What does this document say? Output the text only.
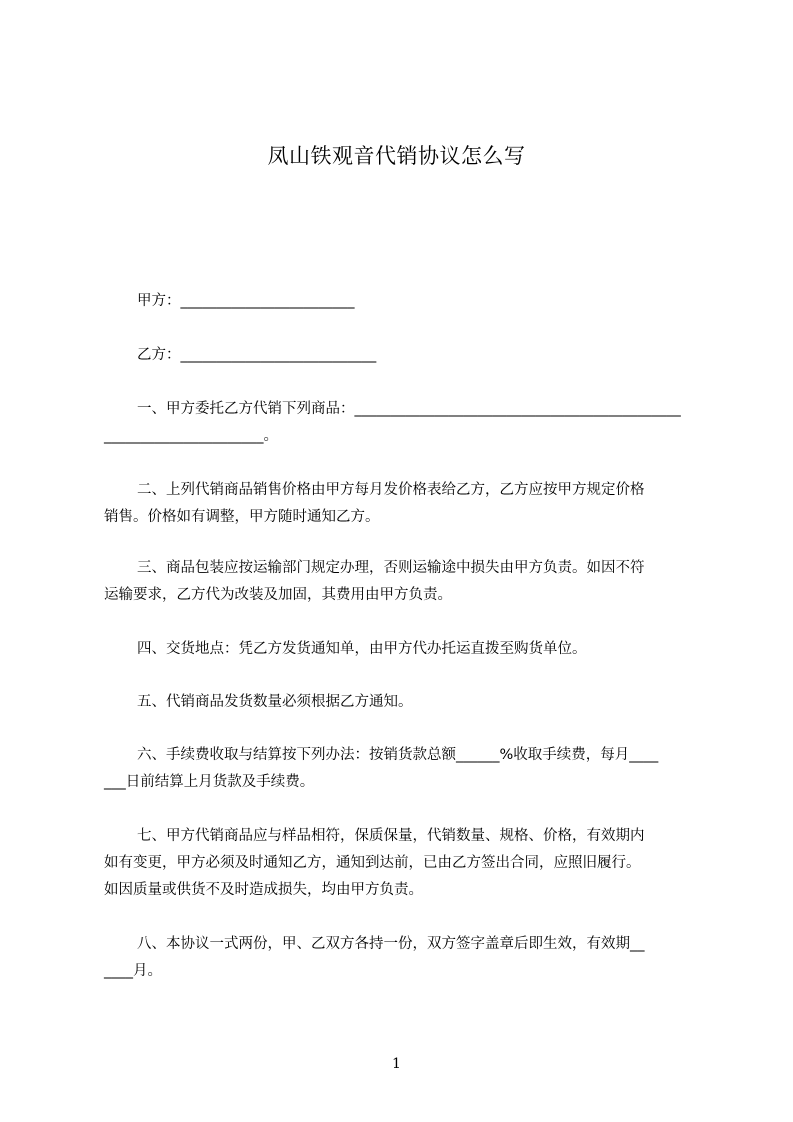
凤山铁观音代销协议怎么写
甲方：________________________
乙方：___________________________
一、甲方委托乙方代销下列商品：_____________________________________________
______________________。
二、上列代销商品销售价格由甲方每月发价格表给乙方，乙方应按甲方规定价格
销售。价格如有调整，甲方随时通知乙方。
三、商品包装应按运输部门规定办理，否则运输途中损失由甲方负责。如因不符
运输要求，乙方代为改装及加固，其费用由甲方负责。
四、交货地点：凭乙方发货通知单，由甲方代办托运直拨至购货单位。
五、代销商品发货数量必须根据乙方通知。
六、手续费收取与结算按下列办法：按销货款总额______%收取手续费，每月____
___日前结算上月货款及手续费。
七、甲方代销商品应与样品相符，保质保量，代销数量、规格、价格，有效期内
如有变更，甲方必须及时通知乙方，通知到达前，已由乙方签出合同，应照旧履行。
如因质量或供货不及时造成损失，均由甲方负责。
八、本协议一式两份，甲、乙双方各持一份，双方签字盖章后即生效，有效期__
____月。
1
